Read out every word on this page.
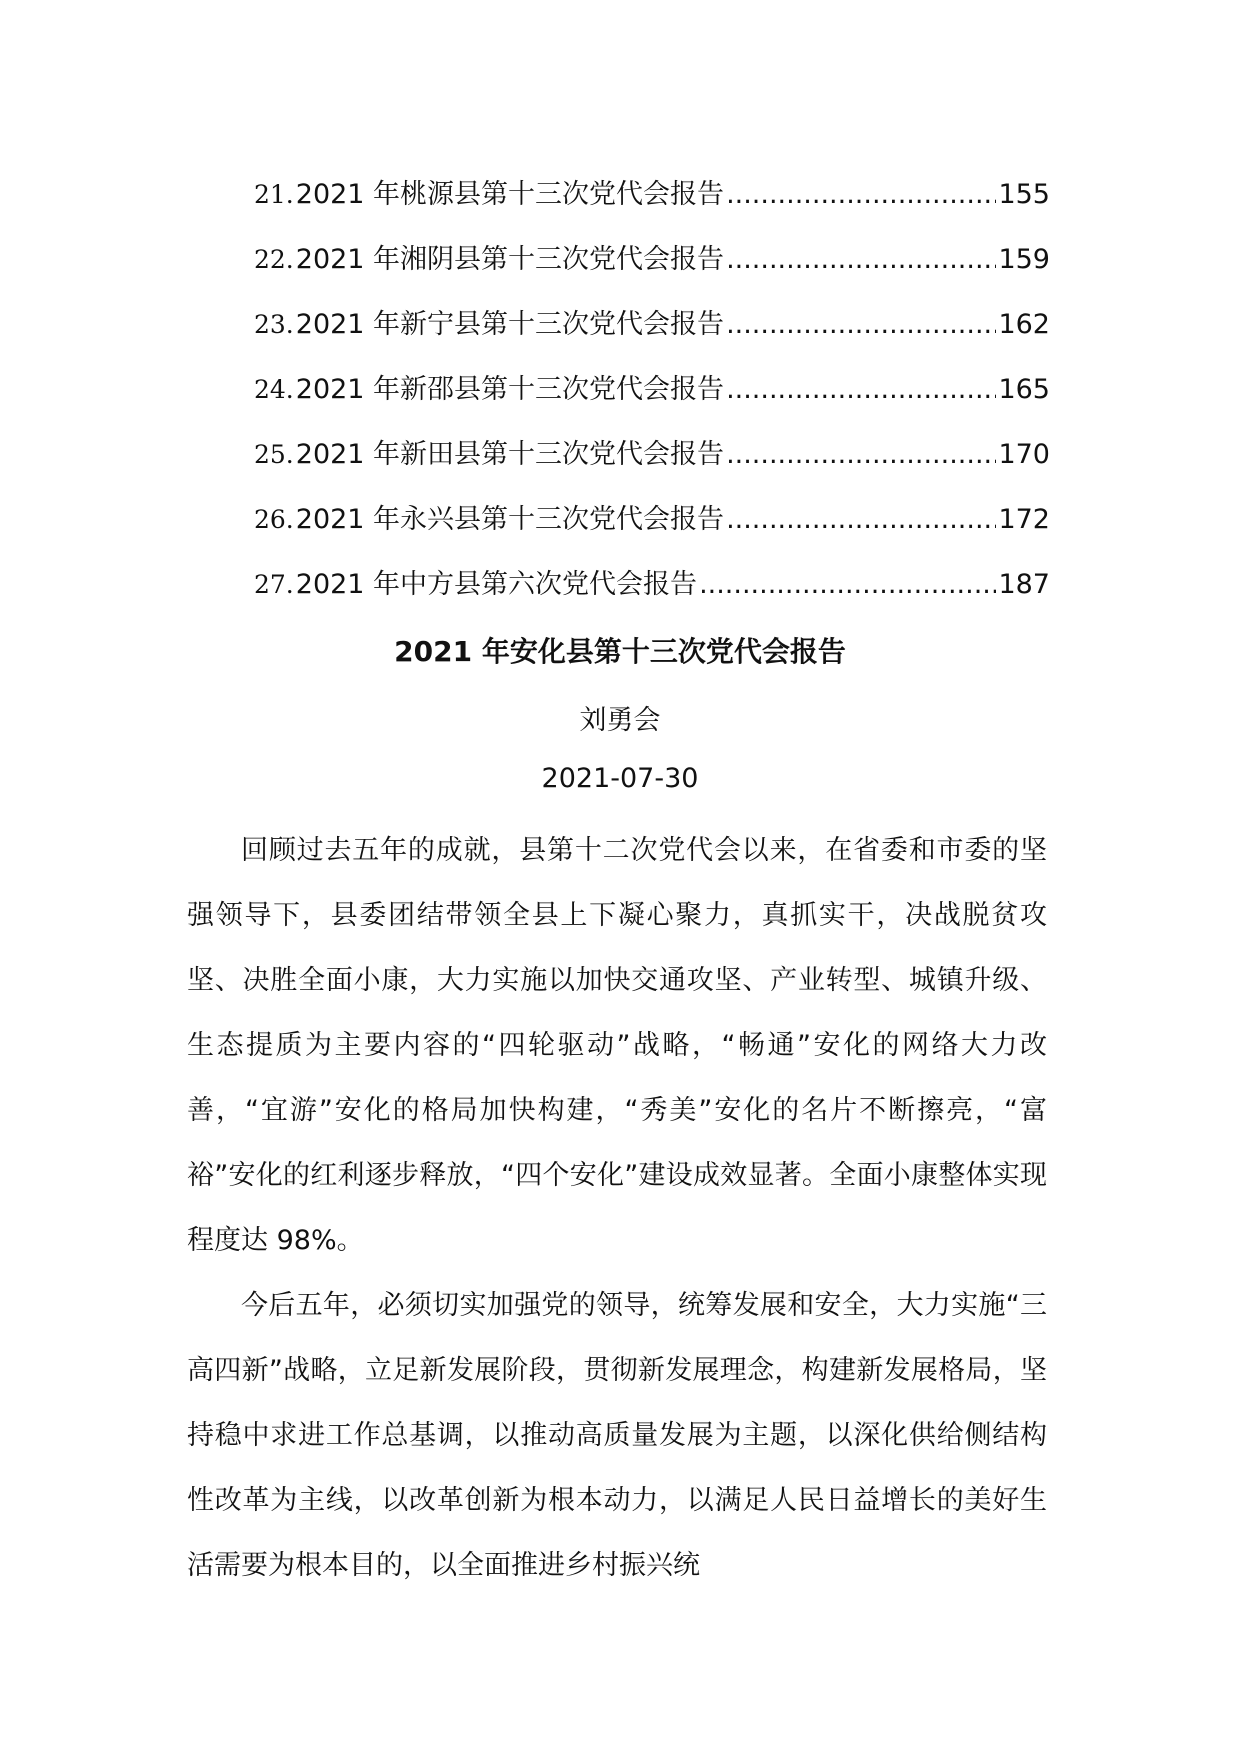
21. 2021 年桃源县第十三次党代会报告 .....	155
22. 2021 年湘阴县第十三次党代会报告 .....	159
23. 2021 年新宁县第十三次党代会报告 .....	162
24. 2021 年新邵县第十三次党代会报告 .....	165
25. 2021 年新田县第十三次党代会报告 .....	170
26. 2021 年永兴县第十三次党代会报告 .....	172
27. 2021 年中方县第六次党代会报告 .....	187
2021 年安化县第十三次党代会报告
刘勇会
2021-07-30

回顾过去五年的成就，县第十二次党代会以来，在省委和市委的坚强领导下，县委团结带领全县上下凝心聚力，真抓实干，决战脱贫攻坚、决胜全面小康，大力实施以加快交通攻坚、产业转型、城镇升级、生态提质为主要内容的“四轮驱动”战略，“畅通”安化的网络大力改善，“宜游”安化的格局加快构建，“秀美”安化的名片不断擦亮，“富裕”安化的红利逐步释放，“四个安化”建设成效显著。全面小康整体实现程度达 98%。

今后五年，必须切实加强党的领导，统筹发展和安全，大力实施“三高四新”战略，立足新发展阶段，贯彻新发展理念，构建新发展格局，坚持稳中求进工作总基调，以推动高质量发展为主题，以深化供给侧结构性改革为主线，以改革创新为根本动力，以满足人民日益增长的美好生活需要为根本目的，以全面推进乡村振兴统
